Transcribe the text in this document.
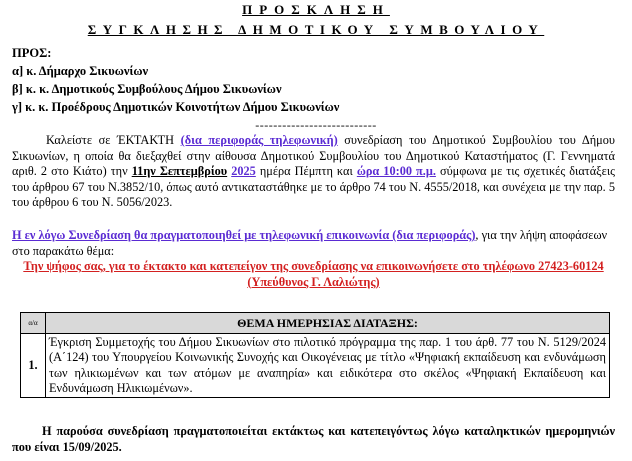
ΠΡΟΣΚΛΗΣΗ
ΣΥΓΚΛΗΣΗΣ ΔΗΜΟΤΙΚΟΥ ΣΥΜΒΟΥΛΙΟΥ
ΠΡΟΣ:
α] κ. Δήμαρχο Σικυωνίων
β] κ. κ. Δημοτικούς Συμβούλους Δήμου Σικυωνίων
γ] κ. κ. Προέδρους Δημοτικών Κοινοτήτων Δήμου Σικυωνίων
---------------------------
Καλείστε σε ΈΚΤΑΚΤΗ (δια περιφοράς τηλεφωνική) συνεδρίαση του Δημοτικού Συμβουλίου του Δήμου Σικυωνίων, η οποία θα διεξαχθεί στην αίθουσα Δημοτικού Συμβουλίου του Δημοτικού Καταστήματος (Γ. Γεννηματά αριθ. 2 στο Κιάτο) την 11ην Σεπτεμβρίου 2025 ημέρα Πέμπτη και ώρα 10:00 π.μ. σύμφωνα με τις σχετικές διατάξεις του άρθρου 67 του Ν.3852/10, όπως αυτό αντικαταστάθηκε με το άρθρο 74 του Ν. 4555/2018, και συνέχεια με την παρ. 5 του άρθρου 6 του Ν. 5056/2023.
Η εν λόγω Συνεδρίαση θα πραγματοποιηθεί με τηλεφωνική επικοινωνία (δια περιφοράς), για την λήψη αποφάσεων στο παρακάτω θέμα:
Την ψήφος σας, για το έκτακτο και κατεπείγον της συνεδρίασης να επικοινωνήσετε στο τηλέφωνο 27423-60124 (Υπεύθυνος Γ. Λαλιώτης)
α/α	ΘΕΜΑ ΗΜΕΡΗΣΙΑΣ ΔΙΑΤΑΞΗΣ:
1.	Έγκριση Συμμετοχής του Δήμου Σικυωνίων στο πιλοτικό πρόγραμμα της παρ. 1 του άρθ. 77 του Ν. 5129/2024 (Α΄124) του Υπουργείου Κοινωνικής Συνοχής και Οικογένειας με τίτλο «Ψηφιακή εκπαίδευση και ενδυνάμωση των ηλικιωμένων και των ατόμων με αναπηρία» και ειδικότερα στο σκέλος «Ψηφιακή Εκπαίδευση και Ενδυνάμωση Ηλικιωμένων».
Η παρούσα συνεδρίαση πραγματοποιείται εκτάκτως και κατεπειγόντως λόγω καταληκτικών ημερομηνιών που είναι 15/09/2025.
